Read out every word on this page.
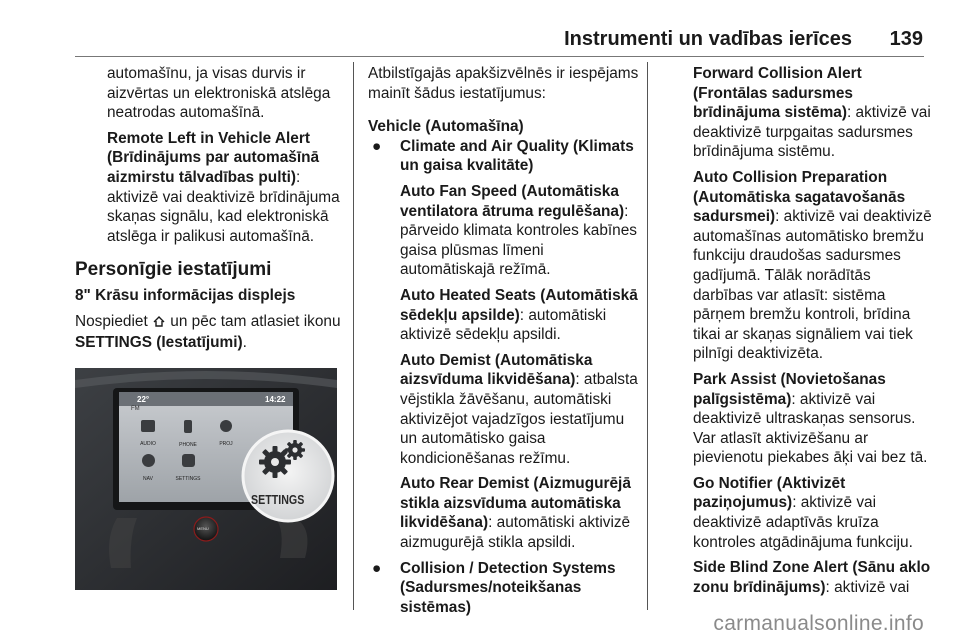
Instrumenti un vadības ierīces 139

automašīnu, ja visas durvis ir aizvērtas un elektroniskā atslēga neatrodas automašīnā.

Remote Left in Vehicle Alert (Brīdinājums par automašīnā aizmirstu tālvadības pulti): aktivizē vai deaktivizē brīdinājuma skaņas signālu, kad elektroniskā atslēga ir palikusi automašīnā.

Personīgie iestatījumi
8" Krāsu informācijas displejs

Nospiediet  un pēc tam atlasiet ikonu SETTINGS (Iestatījumi).

22°
FM
14:22
AUDIO	PHONE	PROJ
NAV	SETTINGS
SETTINGS
MENU

Atbilstīgajās apakšizvēlnēs ir iespējams mainīt šādus iestatījumus:

Vehicle (Automašīna)
● Climate and Air Quality (Klimats un gaisa kvalitāte)

Auto Fan Speed (Automātiska ventilatora ātruma regulēšana): pārveido klimata kontroles kabīnes gaisa plūsmas līmeni automātiskajā režīmā.

Auto Heated Seats (Automātiskā sēdekļu apsilde): automātiski aktivizē sēdekļu apsildi.

Auto Demist (Automātiska aizsvīduma likvidēšana): atbalsta vējstikla žāvēšanu, automātiski aktivizējot vajadzīgos iestatījumu un automātisko gaisa kondicionēšanas režīmu.

Auto Rear Demist (Aizmugurējā stikla aizsvīduma automātiska likvidēšana): automātiski aktivizē aizmugurējā stikla apsildi.

● Collision / Detection Systems (Sadursmes/noteikšanas sistēmas)

Forward Collision Alert (Frontālas sadursmes brīdinājuma sistēma): aktivizē vai deaktivizē turpgaitas sadursmes brīdinājuma sistēmu.

Auto Collision Preparation (Automātiska sagatavošanās sadursmei): aktivizē vai deaktivizē automašīnas automātisko bremžu funkciju draudošas sadursmes gadījumā. Tālāk norādītās darbības var atlasīt: sistēma pārņem bremžu kontroli, brīdina tikai ar skaņas signāliem vai tiek pilnīgi deaktivizēta.

Park Assist (Novietošanas palīgsistēma): aktivizē vai deaktivizē ultraskaņas sensorus. Var atlasīt aktivizēšanu ar pievienotu piekabes āķi vai bez tā.

Go Notifier (Aktivizēt paziņojumus): aktivizē vai deaktivizē adaptīvās kruīza kontroles atgādinājuma funkciju.

Side Blind Zone Alert (Sānu aklo zonu brīdinājums): aktivizē vai

carmanualsonline.info
